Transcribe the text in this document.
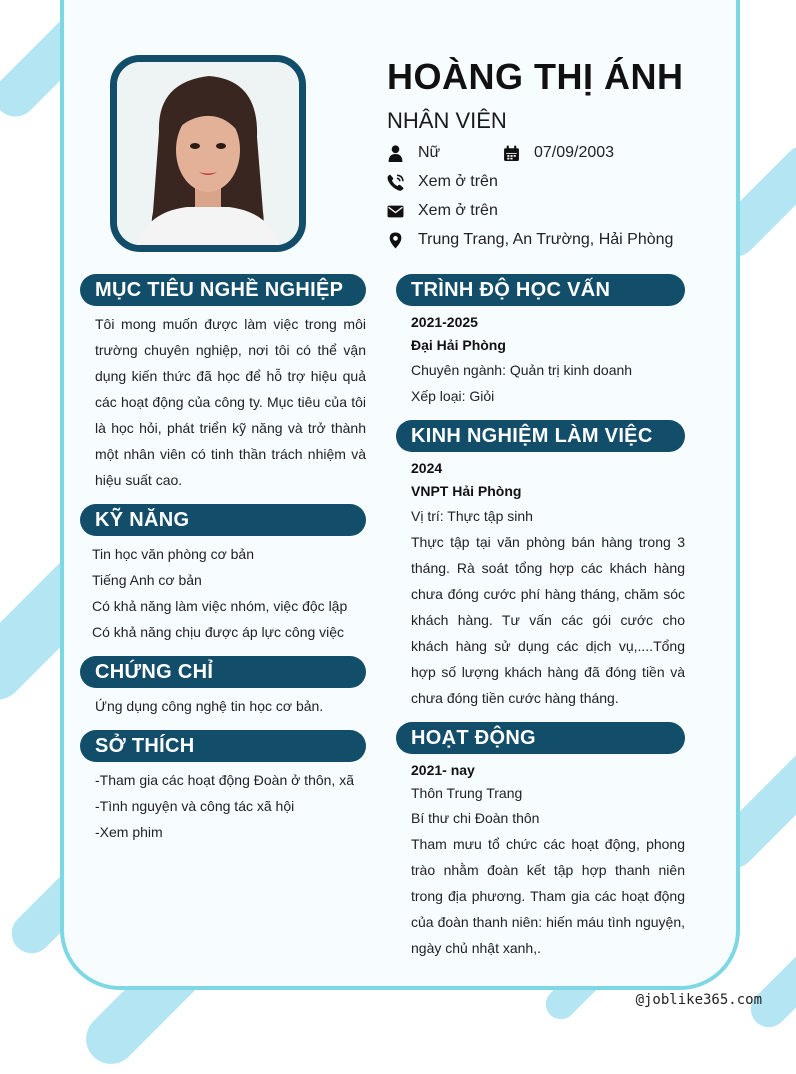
HOÀNG THỊ ÁNH

NHÂN VIÊN

Nữ	07/09/2003
Xem ở trên
Xem ở trên
Trung Trang, An Trường, Hải Phòng
MỤC TIÊU NGHỀ NGHIỆP

Tôi mong muốn được làm việc trong môi trường chuyên nghiệp, nơi tôi có thể vận dụng kiến thức đã học để hỗ trợ hiệu quả các hoạt động của công ty. Mục tiêu của tôi là học hỏi, phát triển kỹ năng và trở thành một nhân viên có tinh thần trách nhiệm và hiệu suất cao.

KỸ NĂNG
Tin học văn phòng cơ bản
Tiếng Anh cơ bản
Có khả năng làm việc nhóm, việc độc lập
Có khả năng chịu được áp lực công việc
CHỨNG CHỈ
Ứng dụng công nghệ tin học cơ bản.
SỞ THÍCH
-Tham gia các hoạt động Đoàn ở thôn, xã
-Tình nguyện và công tác xã hội
-Xem phim
TRÌNH ĐỘ HỌC VẤN
2021-2025
Đại Hải Phòng
Chuyên ngành: Quản trị kinh doanh
Xếp loại: Giỏi
KINH NGHIỆM LÀM VIỆC
2024
VNPT Hải Phòng
Vị trí: Thực tập sinh

Thực tập tại văn phòng bán hàng trong 3 tháng. Rà soát tổng hợp các khách hàng chưa đóng cước phí hàng tháng, chăm sóc khách hàng. Tư vấn các gói cước cho khách hàng sử dụng các dịch vụ,....Tổng hợp số lượng khách hàng đã đóng tiền và chưa đóng tiền cước hàng tháng.

HOẠT ĐỘNG
2021- nay
Thôn Trung Trang
Bí thư chi Đoàn thôn

Tham mưu tổ chức các hoạt động, phong trào nhằm đoàn kết tập hợp thanh niên trong địa phương. Tham gia các hoạt động của đoàn thanh niên: hiến máu tình nguyện, ngày chủ nhật xanh,.

@joblike365.com
